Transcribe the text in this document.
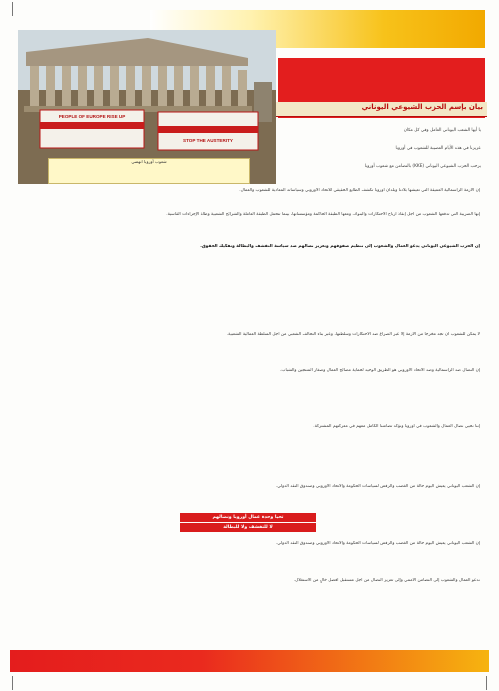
PEOPLE OF EUROPE RISE UP
STOP THE AUSTERITY
شعوب أوروبا انهضي
بيان بإسم الحزب الشيوعي اليوناني
يا أيها الشعب اليوناني العامل وفي كل مكان
عزيزنا في هذه الأيام العصيبة للشعوب في أوروبا
يرحب الحزب الشيوعي اليوناني (KKE) بالتضامن مع شعوب أوروبا
إن الأزمة الرأسمالية العميقة التي تعيشها بلادنا وبلدان أوروبا تكشف الطابع الحقيقي للاتحاد الأوروبي وسياساته المعادية للشعوب والعمال.
إنها الضريبة التي تدفعها الشعوب من أجل إنقاذ أرباح الاحتكارات والبنوك، ومعها الطبقة الحاكمة ومؤسساتها، بينما تتحمل الطبقة العاملة والشرائح الشعبية وطأة الإجراءات القاسية.
إن الحزب الشيوعي اليوناني يدعو العمال والشعوب إلى تنظيم صفوفهم وتعزيز نضالهم ضد سياسة التقشف والبطالة وتفكيك الحقوق.
لا يمكن للشعوب أن تجد مخرجاً من الأزمة إلا عبر الصراع ضد الاحتكارات وسلطتها، وعبر بناء التحالف الشعبي من أجل السلطة العمالية الشعبية.
إن النضال ضد الرأسمالية وضد الاتحاد الأوروبي هو الطريق الوحيد لحماية مصالح العمال وصغار المنتجين والشباب.
إننا نحيي نضال العمال والشعوب في أوروبا ونؤكد تضامننا الكامل معهم في معركتهم المشتركة.
إن الشعب اليوناني يعيش اليوم حالة من الغضب والرفض لسياسات الحكومة والاتحاد الأوروبي وصندوق النقد الدولي.
تحيا وحدة عمال أوروبا ونضالهم
لا للتقشف ولا للبطالة
إن الشعب اليوناني يعيش اليوم حالة من الغضب والرفض لسياسات الحكومة والاتحاد الأوروبي وصندوق النقد الدولي.
ندعو العمال والشعوب إلى التضامن الأممي وإلى تعزيز النضال من أجل مستقبل أفضل خالٍ من الاستغلال.
